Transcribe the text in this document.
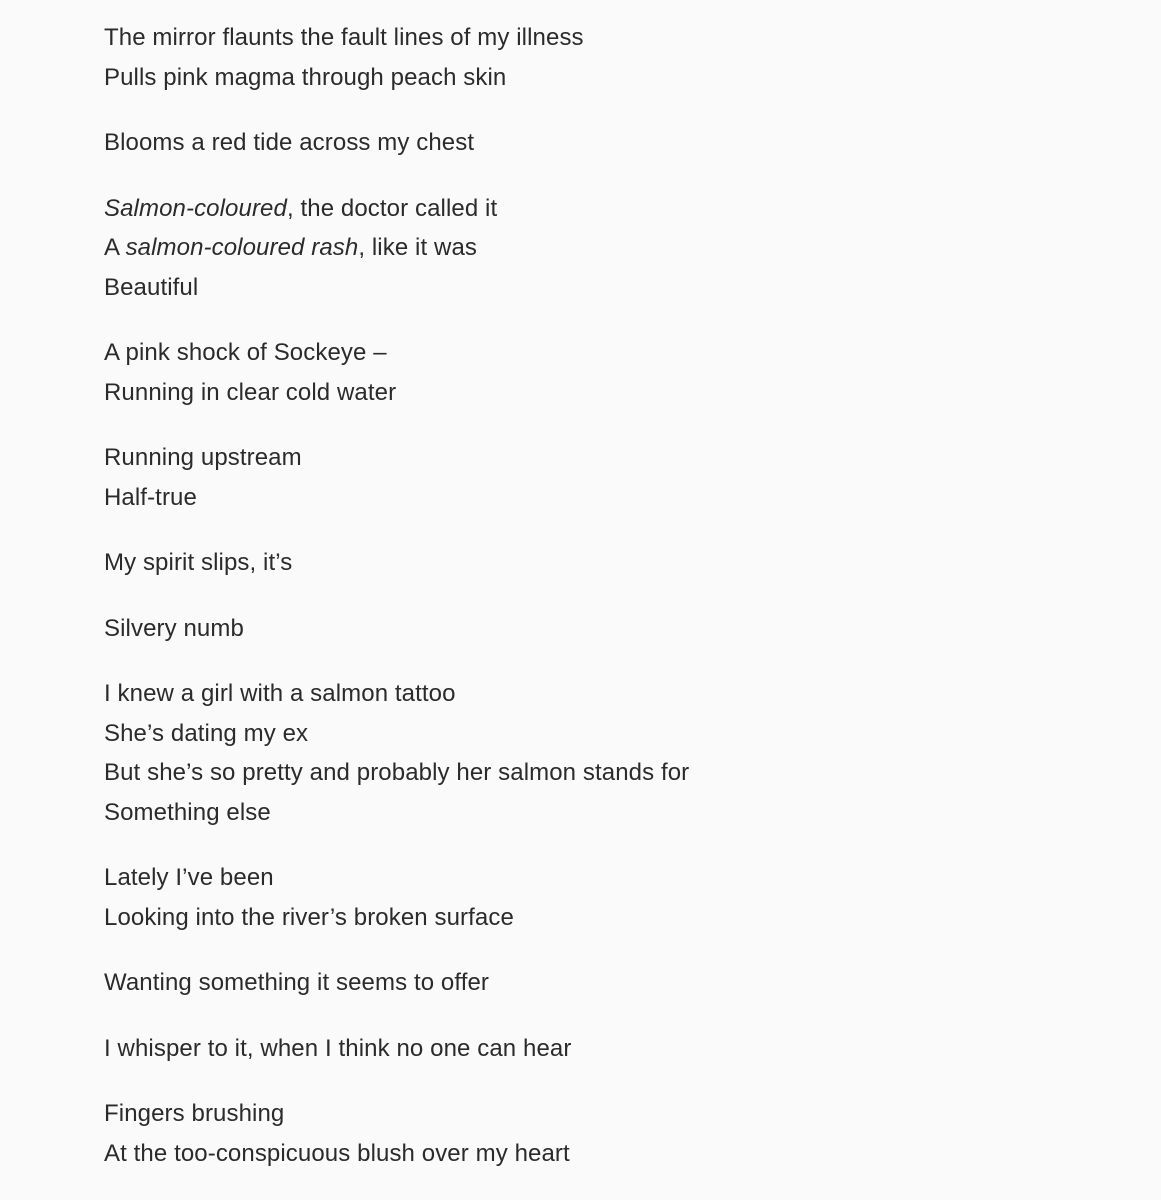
The mirror flaunts the fault lines of my illness
Pulls pink magma through peach skin
Blooms a red tide across my chest
Salmon-coloured, the doctor called it
A salmon-coloured rash, like it was
Beautiful
A pink shock of Sockeye –
Running in clear cold water
Running upstream
Half-true
My spirit slips, it’s
Silvery numb
I knew a girl with a salmon tattoo
She’s dating my ex
But she’s so pretty and probably her salmon stands for
Something else
Lately I’ve been
Looking into the river’s broken surface
Wanting something it seems to offer
I whisper to it, when I think no one can hear
Fingers brushing
At the too-conspicuous blush over my heart
